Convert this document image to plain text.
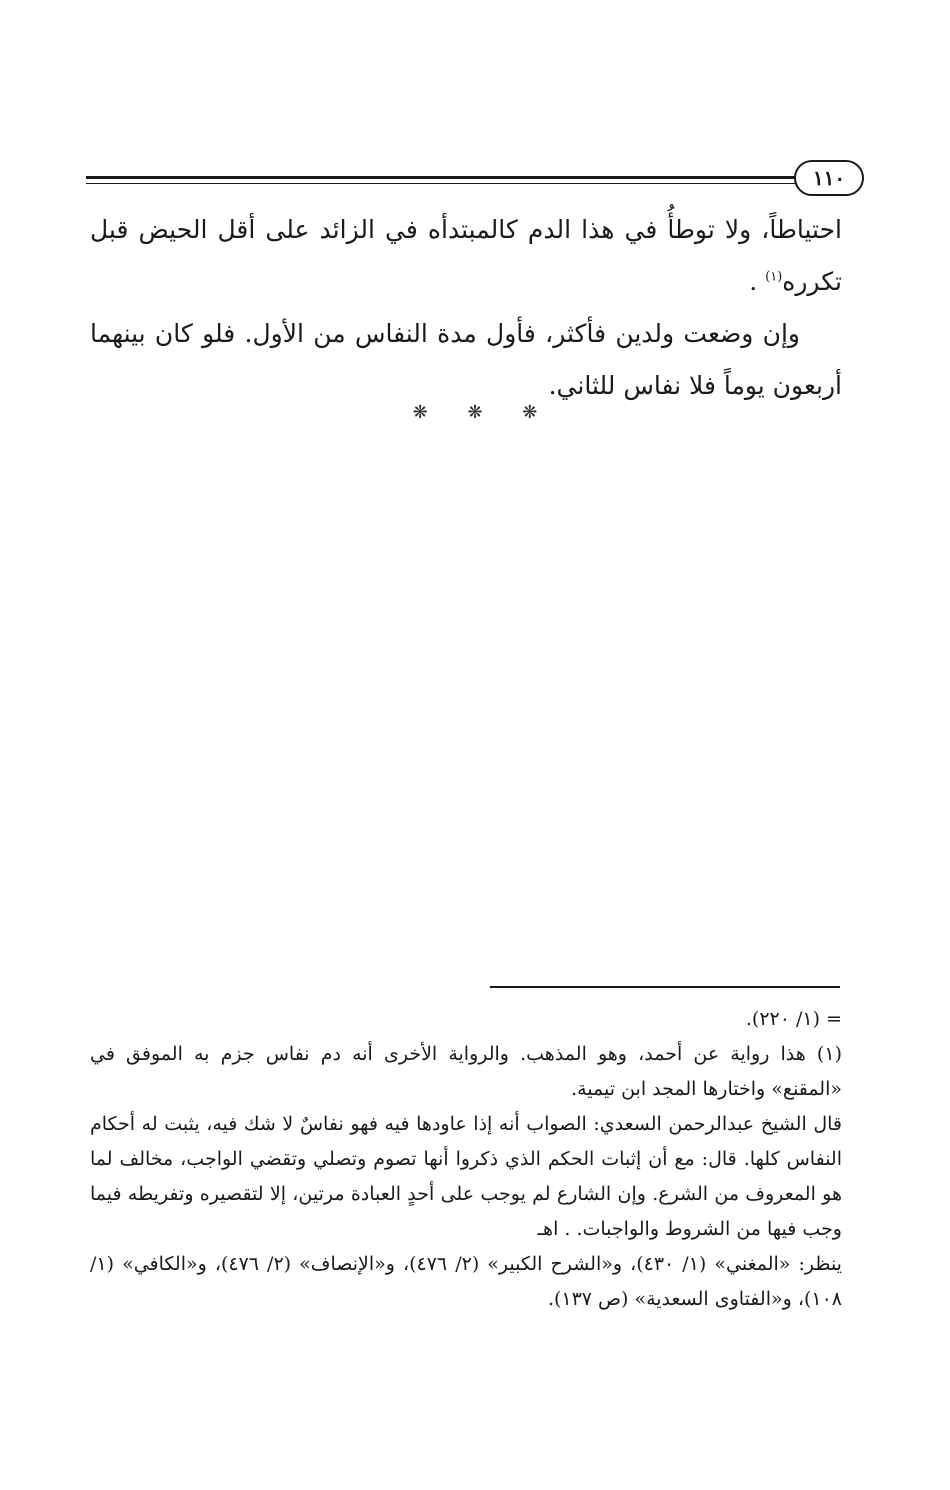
١١٠

احتياطاً، ولا توطأُ في هذا الدم كالمبتدأه في الزائد على أقل الحيض قبل تكرره$^{(١)}$ .

وإن وضعت ولدين فأكثر، فأول مدة النفاس من الأول. فلو كان بينهما أربعون يوماً فلا نفاس للثاني.

❋ ❋ ❋

= (١/ ٢٢٠).

(١) هذا رواية عن أحمد، وهو المذهب. والرواية الأخرى أنه دم نفاس جزم به الموفق في «المقنع» واختارها المجد ابن تيمية.

قال الشيخ عبدالرحمن السعدي: الصواب أنه إذا عاودها فيه فهو نفاسٌ لا شك فيه، يثبت له أحكام النفاس كلها. قال: مع أن إثبات الحكم الذي ذكروا أنها تصوم وتصلي وتقضي الواجب، مخالف لما هو المعروف من الشرع. وإن الشارع لم يوجب على أحدٍ العبادة مرتين، إلا لتقصيره وتفريطه فيما وجب فيها من الشروط والواجبات. . اهـ

ينظر: «المغني» (١/ ٤٣٠)، و«الشرح الكبير» (٢/ ٤٧٦)، و«الإنصاف» (٢/ ٤٧٦)، و«الكافي» (١/ ١٠٨)، و«الفتاوى السعدية» (ص ١٣٧).
